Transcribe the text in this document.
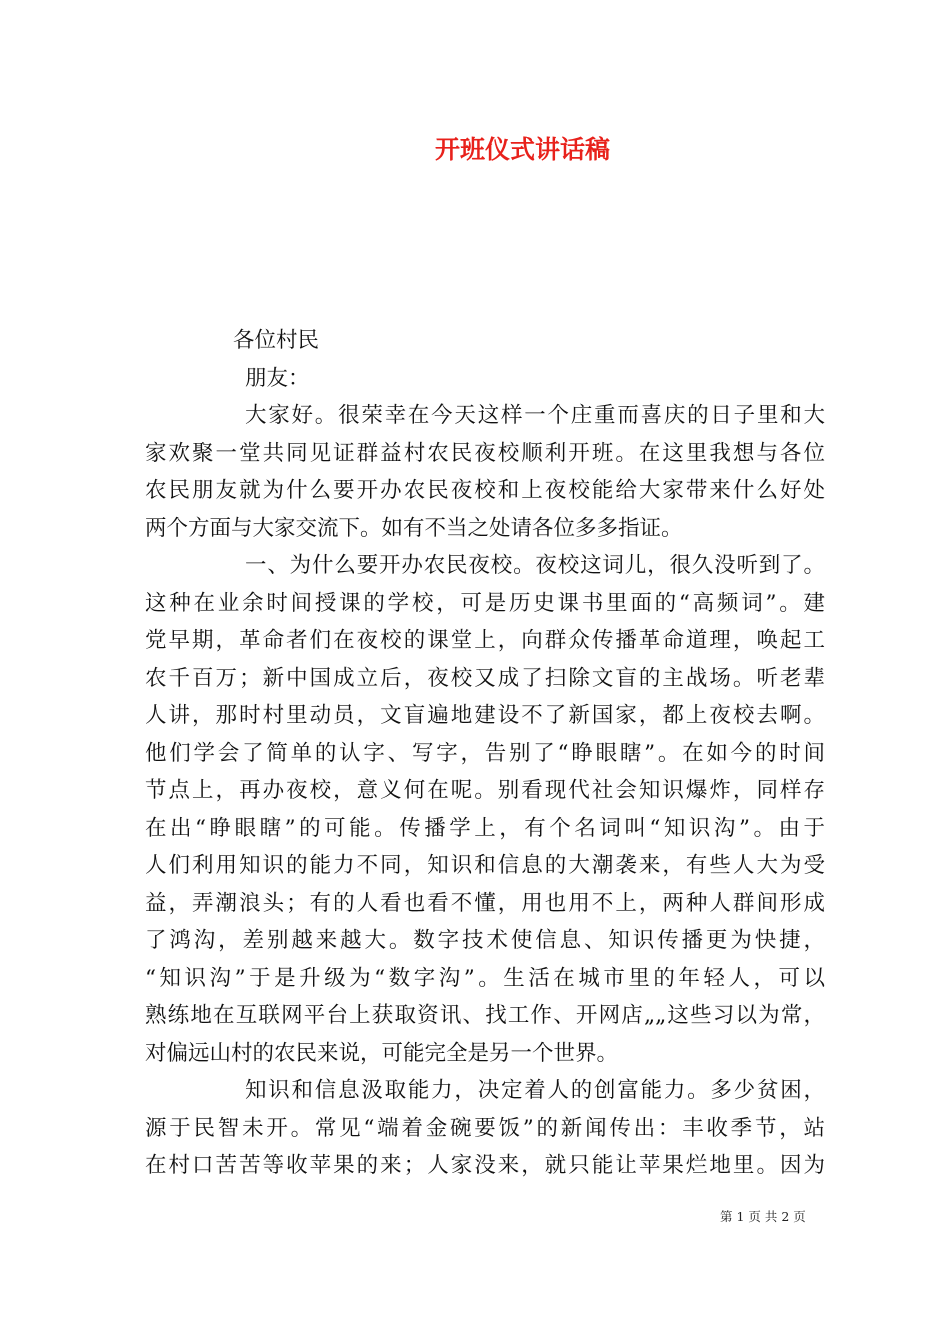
开班仪式讲话稿
各位村民
朋友：
大家好。很荣幸在今天这样一个庄重而喜庆的日子里和大
家欢聚一堂共同见证群益村农民夜校顺利开班。在这里我想与各位
农民朋友就为什么要开办农民夜校和上夜校能给大家带来什么好处
两个方面与大家交流下。如有不当之处请各位多多指证。
一、为什么要开办农民夜校。夜校这词儿，很久没听到了。
这种在业余时间授课的学校，可是历史课书里面的“高频词”。建
党早期，革命者们在夜校的课堂上，向群众传播革命道理，唤起工
农千百万；新中国成立后，夜校又成了扫除文盲的主战场。听老辈
人讲，那时村里动员，文盲遍地建设不了新国家，都上夜校去啊。
他们学会了简单的认字、写字，告别了“睁眼瞎”。在如今的时间
节点上，再办夜校，意义何在呢。别看现代社会知识爆炸，同样存
在出“睁眼瞎”的可能。传播学上，有个名词叫“知识沟”。由于
人们利用知识的能力不同，知识和信息的大潮袭来，有些人大为受
益，弄潮浪头；有的人看也看不懂，用也用不上，两种人群间形成
了鸿沟，差别越来越大。数字技术使信息、知识传播更为快捷，
“知识沟”于是升级为“数字沟”。生活在城市里的年轻人，可以
熟练地在互联网平台上获取资讯、找工作、开网店„„这些习以为常，
对偏远山村的农民来说，可能完全是另一个世界。
知识和信息汲取能力，决定着人的创富能力。多少贫困，
源于民智未开。常见“端着金碗要饭”的新闻传出：丰收季节，站
在村口苦苦等收苹果的来；人家没来，就只能让苹果烂地里。因为
第 1 页 共 2 页
